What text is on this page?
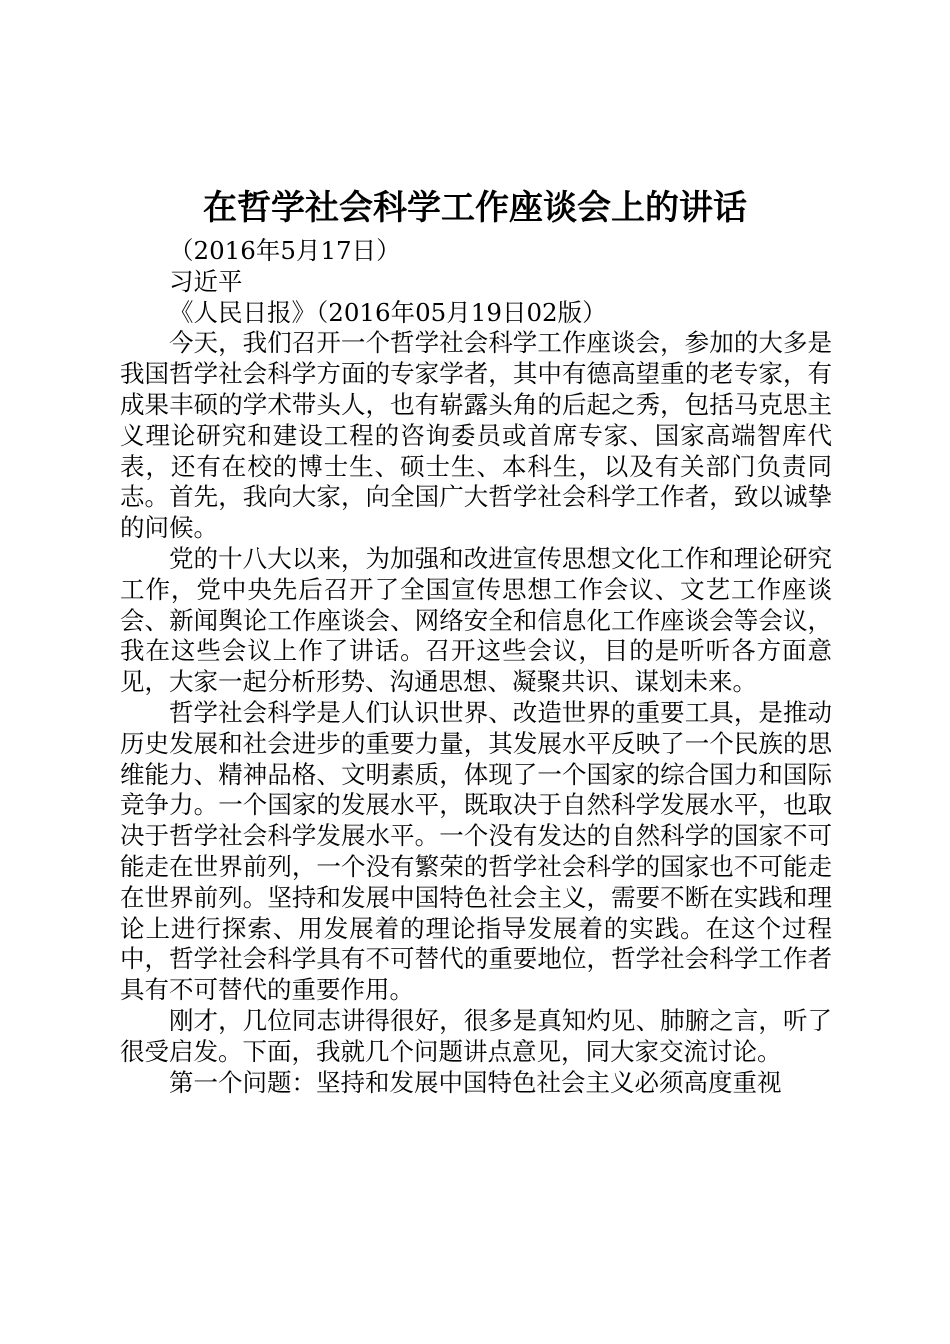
在哲学社会科学工作座谈会上的讲话

（2016年5月17日）

习近平

《人民日报》（2016年05月19日02版）

今天，我们召开一个哲学社会科学工作座谈会，参加的大多是我国哲学社会科学方面的专家学者，其中有德高望重的老专家，有成果丰硕的学术带头人，也有崭露头角的后起之秀，包括马克思主义理论研究和建设工程的咨询委员或首席专家、国家高端智库代表，还有在校的博士生、硕士生、本科生，以及有关部门负责同志。首先，我向大家，向全国广大哲学社会科学工作者，致以诚挚的问候。

党的十八大以来，为加强和改进宣传思想文化工作和理论研究工作，党中央先后召开了全国宣传思想工作会议、文艺工作座谈会、新闻舆论工作座谈会、网络安全和信息化工作座谈会等会议，我在这些会议上作了讲话。召开这些会议，目的是听听各方面意见，大家一起分析形势、沟通思想、凝聚共识、谋划未来。

哲学社会科学是人们认识世界、改造世界的重要工具，是推动历史发展和社会进步的重要力量，其发展水平反映了一个民族的思维能力、精神品格、文明素质，体现了一个国家的综合国力和国际竞争力。一个国家的发展水平，既取决于自然科学发展水平，也取决于哲学社会科学发展水平。一个没有发达的自然科学的国家不可能走在世界前列，一个没有繁荣的哲学社会科学的国家也不可能走在世界前列。坚持和发展中国特色社会主义，需要不断在实践和理论上进行探索、用发展着的理论指导发展着的实践。在这个过程中，哲学社会科学具有不可替代的重要地位，哲学社会科学工作者具有不可替代的重要作用。

刚才，几位同志讲得很好，很多是真知灼见、肺腑之言，听了很受启发。下面，我就几个问题讲点意见，同大家交流讨论。

第一个问题：坚持和发展中国特色社会主义必须高度重视
